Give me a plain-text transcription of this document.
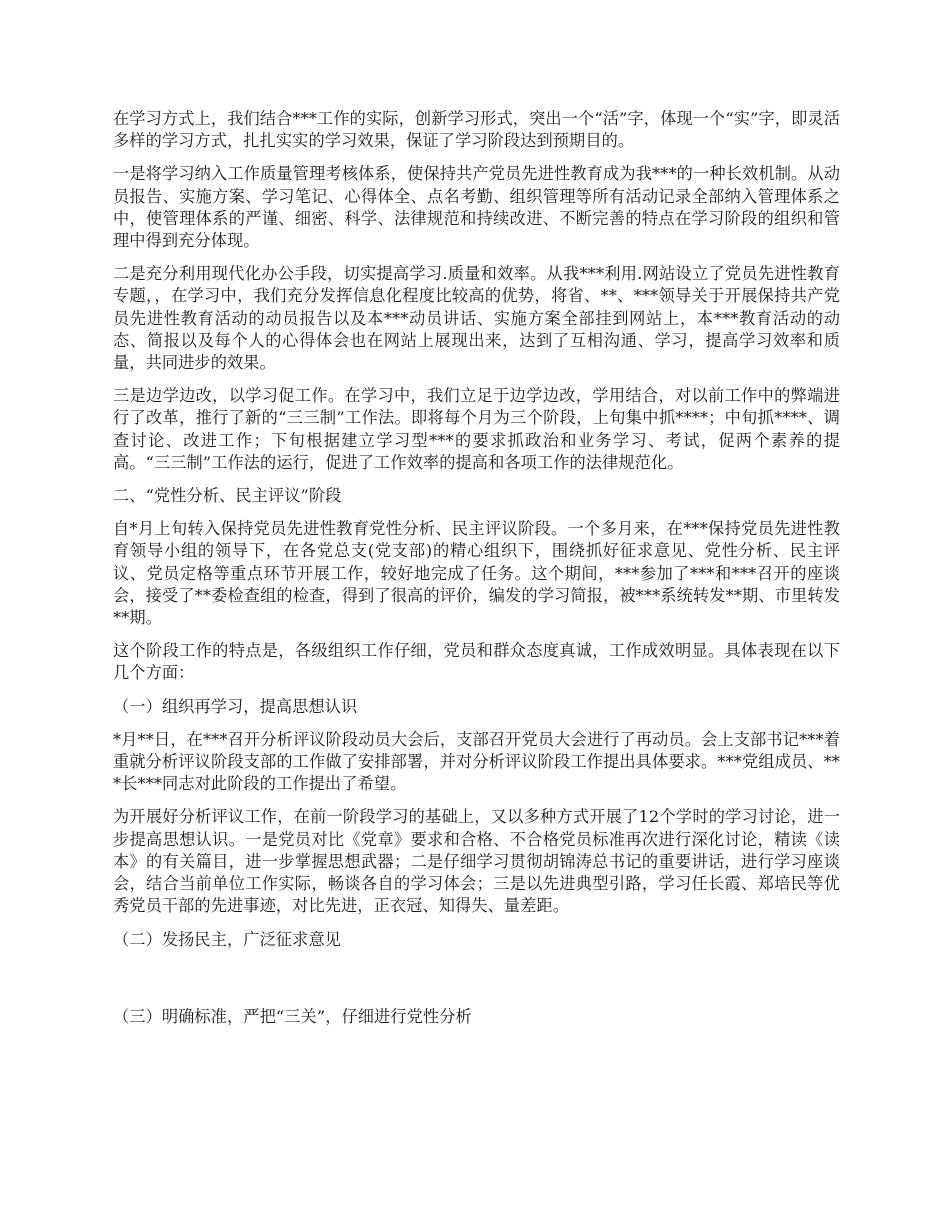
在学习方式上，我们结合***工作的实际，创新学习形式，突出一个“活”字，体现一个“实”字，即灵活多样的学习方式，扎扎实实的学习效果，保证了学习阶段达到预期目的。

一是将学习纳入工作质量管理考核体系，使保持共产党员先进性教育成为我***的一种长效机制。从动员报告、实施方案、学习笔记、心得体全、点名考勤、组织管理等所有活动记录全部纳入管理体系之中，使管理体系的严谨、细密、科学、法律规范和持续改进、不断完善的特点在学习阶段的组织和管理中得到充分体现。

二是充分利用现代化办公手段，切实提高学习.质量和效率。从我***利用.网站设立了党员先进性教育专题，，在学习中，我们充分发挥信息化程度比较高的优势，将省、**、***领导关于开展保持共产党员先进性教育活动的动员报告以及本***动员讲话、实施方案全部挂到网站上，本***教育活动的动态、简报以及每个人的心得体会也在网站上展现出来，达到了互相沟通、学习，提高学习效率和质量，共同进步的效果。

三是边学边改，以学习促工作。在学习中，我们立足于边学边改，学用结合，对以前工作中的弊端进行了改革，推行了新的“三三制”工作法。即将每个月为三个阶段，上旬集中抓****；中旬抓****、调查讨论、改进工作；下旬根据建立学习型***的要求抓政治和业务学习、考试，促两个素养的提高。“三三制”工作法的运行，促进了工作效率的提高和各项工作的法律规范化。

二、“党性分析、民主评议”阶段

自*月上旬转入保持党员先进性教育党性分析、民主评议阶段。一个多月来，在***保持党员先进性教育领导小组的领导下，在各党总支(党支部)的精心组织下，围绕抓好征求意见、党性分析、民主评议、党员定格等重点环节开展工作，较好地完成了任务。这个期间，***参加了***和***召开的座谈会，接受了**委检查组的检查，得到了很高的评价，编发的学习简报，被***系统转发**期、市里转发**期。

这个阶段工作的特点是，各级组织工作仔细，党员和群众态度真诚，工作成效明显。具体表现在以下几个方面：

（一）组织再学习，提高思想认识

*月**日，在***召开分析评议阶段动员大会后，支部召开党员大会进行了再动员。会上支部书记***着重就分析评议阶段支部的工作做了安排部署，并对分析评议阶段工作提出具体要求。***党组成员、***长***同志对此阶段的工作提出了希望。

为开展好分析评议工作，在前一阶段学习的基础上，又以多种方式开展了12个学时的学习讨论，进一步提高思想认识。一是党员对比《党章》要求和合格、不合格党员标准再次进行深化讨论，精读《读本》的有关篇目，进一步掌握思想武器；二是仔细学习贯彻胡锦涛总书记的重要讲话，进行学习座谈会，结合当前单位工作实际，畅谈各自的学习体会；三是以先进典型引路，学习任长霞、郑培民等优秀党员干部的先进事迹，对比先进，正衣冠、知得失、量差距。

（二）发扬民主，广泛征求意见

（三）明确标准，严把“三关”，仔细进行党性分析
